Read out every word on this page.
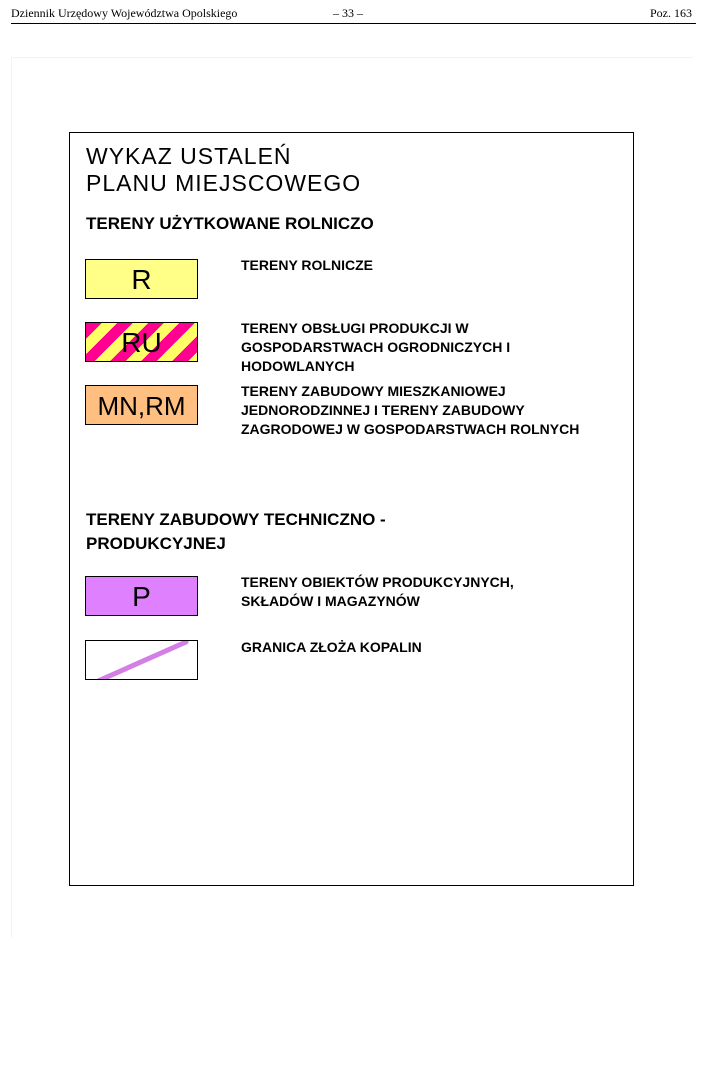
Dziennik Urzędowy Województwa Opolskiego	– 33 –	Poz. 163
WYKAZ USTALEŃ
PLANU MIEJSCOWEGO
TERENY UŻYTKOWANE ROLNICZO
R	TERENY ROLNICZE
RU	TERENY OBSŁUGI PRODUKCJI W GOSPODARSTWACH OGRODNICZYCH I HODOWLANYCH
MN,RM	TERENY ZABUDOWY MIESZKANIOWEJ JEDNORODZINNEJ I TERENY ZABUDOWY ZAGRODOWEJ W GOSPODARSTWACH ROLNYCH
TERENY ZABUDOWY TECHNICZNO - PRODUKCYJNEJ
P	TERENY OBIEKTÓW PRODUKCYJNYCH, SKŁADÓW I MAGAZYNÓW
GRANICA ZŁOŻA KOPALIN
